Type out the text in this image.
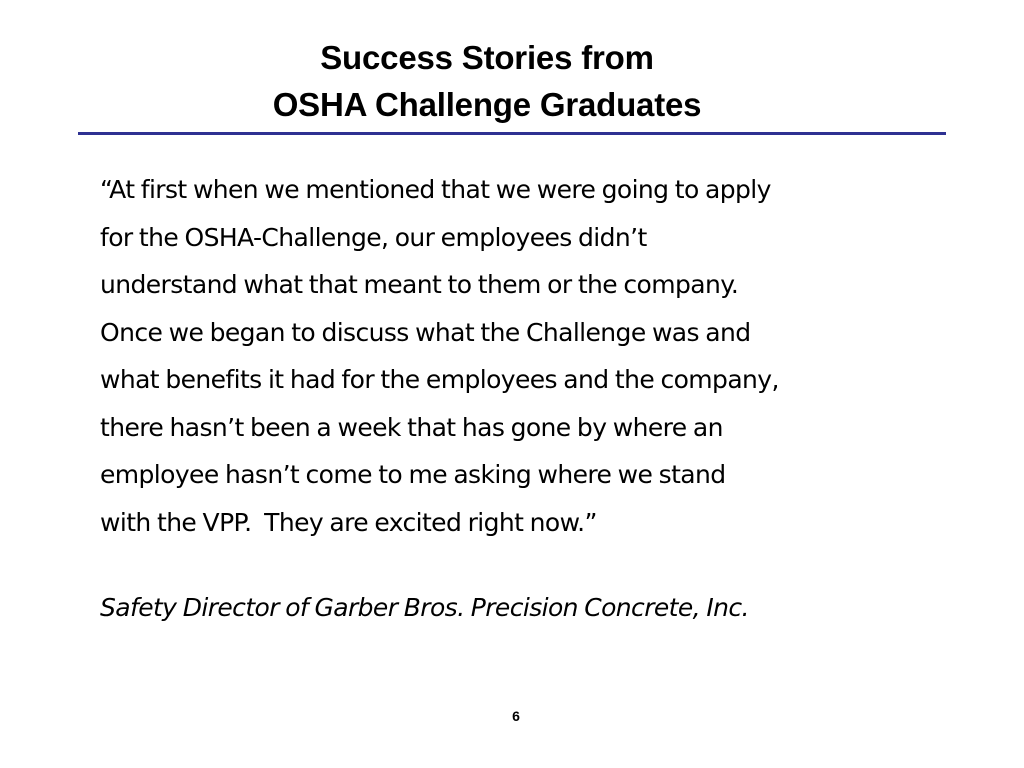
Success Stories from
OSHA Challenge Graduates
“At first when we mentioned that we were going to apply
for the OSHA-Challenge, our employees didn’t
understand what that meant to them or the company.
Once we began to discuss what the Challenge was and
what benefits it had for the employees and the company,
there hasn’t been a week that has gone by where an
employee hasn’t come to me asking where we stand
with the VPP.  They are excited right now.”
Safety Director of Garber Bros. Precision Concrete, Inc.
6
